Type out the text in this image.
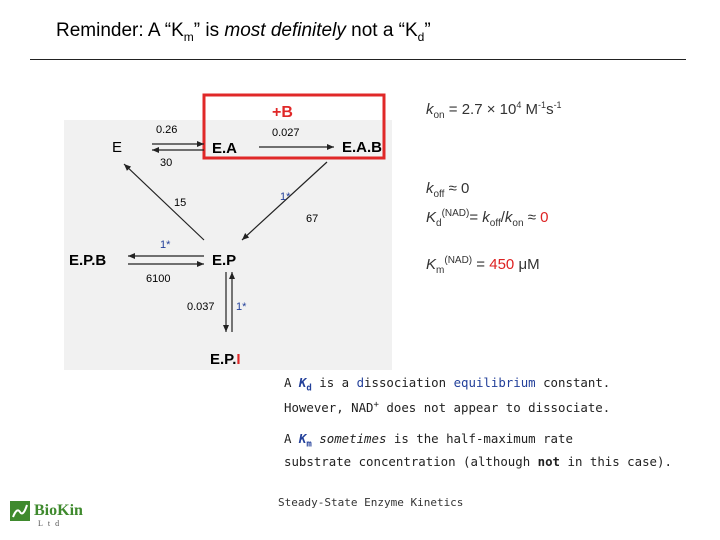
Reminder: A “$K_m$” is most definitely not a “$K_d$”
E	E.A	E.A.B
E.P.B	E.P
E.P.I
+B
0.26
30
0.027
15	1*
67
1*
6100
0.037 1*
$k_{on} = 2.7 \times 10^4$ $M^{-1}s^{-1}$
$k_{off} \approx 0$
$K_d^{(NAD)}= k_{off}/k_{on} \approx 0$
$K_m^{(NAD)} = 450$ μM
A $K_d$ is a dissociation equilibrium constant.
However, NAD+ does not appear to dissociate.
A $K_m$ sometimes is the half-maximum rate
substrate concentration (although not in this case).
Steady-State Enzyme Kinetics
BioKin
Ltd
